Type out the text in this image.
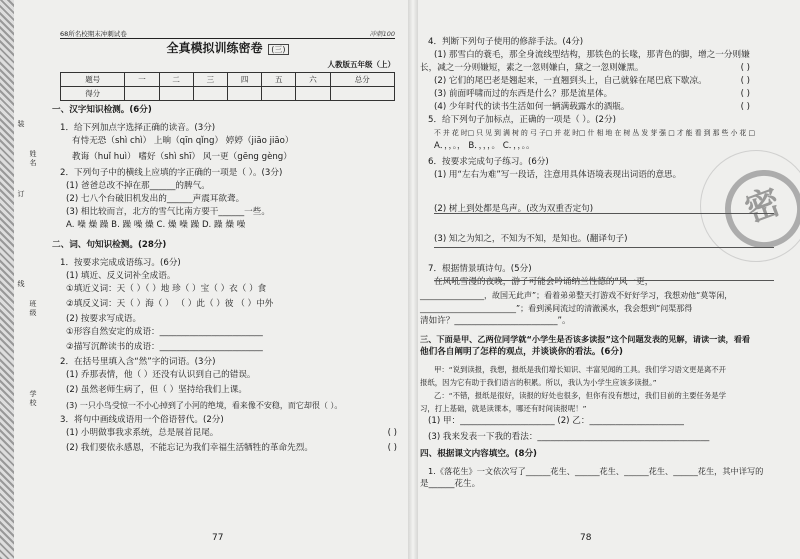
装
订
线
姓名
班级
学校
68所名校期末冲刺试卷	冲刺100
全真模拟训练密卷 (三)
人教版五年级（上）
题号	一	二	三	四	五	六	总分
得分							
一、汉字知识检测。(6分)
1．给下列加点字选择正确的读音。(3分)
有恃无恐（shì chì） 上晌（qīn qǐng） 婷婷（jiāo jiāo）
教诲（huǐ huì） 嗜好（shì shī） 风一更（gēng gèng）
2．下列句子中的横线上应填的字正确的一项是（ ）。(3分)
(1) 爸爸总改不掉在那______的脾气。
(2) 七八个台破旧机发出的______声震耳欲聋。
(3) 相比较而言，北方的雪气比南方要干______一些。
A. 噪 燥 躁 B. 躁 噪 燥 C. 燥 噪 躁 D. 躁 燥 噪
二、词、句知识检测。(28分)
1．按要求完成成语练习。(6分)
(1) 填近、反义词补全成语。
①填近义词：天（ ）（ ）地 珍（ ）宝（ ）衣（ ）食
②填反义词：天（ ）海（ ） （ ）此（ ）彼 （ ）中外
(2) 按要求写成语。
①形容自然安定的成语：________________________
②描写沉醉读书的成语：________________________
2．在括号里填入含“然”字的词语。(3分)
(1) 乔那表情，他（ ）还没有认识到自己的错误。
(2) 虽然老师生病了，但（ ）坚持给我们上课。
(3) 一只小鸟受惊一不小心掉到了小河的绝境，看来像不安稳，而它却很（ ）。
3．将句中画线成语用一个俗语替代。(2分)
(1) 小明做事我求系统，总是展首昆尾。	( )
(2) 我们要依永感恩，不能忘记为我们幸福生活牺牲的革命先烈。	( )
77
密
4．判断下列句子使用的修辞手法。(4分)
(1) 那雪白的蓑毛，那全身流线型结构，那铁色的长喙，那青色的脚，增之一分则嫌
长，减之一分则嫌短，素之一忽则嫌白，黛之一忽则嫌黑。	( )
(2) 它们的尾巴老是翘起来，一直翘到头上，自己就躲在尾巴底下歇凉。	( )
(3) 前面呼啸而过的东西是什么？那是流星体。	( )
(4) 少年时代的读书生活如何一辆满载露水的酒瓶。	( )
5．给下列句子加标点，正确的一项是（ ）。(2分)
不 并 花 时□ 只 见 到 满 树 的 弓 子□ 并 花 时□ 什 相 地 在 树 丛 发 芽 强 □ 才 能 看 到 那 些 小 花 □
A．，，。， B．，，，。 C．，，。。
6．按要求完成句子练习。(6分)
(1) 用“左右为难”写一段话，注意用具体语境表现出词语的意思。
(2) 树上到处都是鸟声。(改为双重否定句)
(3) 知之为知之，不知为不知，是知也。(翻译句子)
7．根据情景填诗句。(5分)
在风吼雪漫的夜晚，游子可能会吟诵纳兰性德的“风一更，
________________，故国无此声”；看着弟弟整天打游戏不好好学习，我想劝他“莫等闲，
________________________”；看到溪间流过的清澈溪水，我会想到“问渠那得
清如许？________________________”。
三、下面是甲、乙两位同学就“小学生是否该多读报”这个问题发表的见解，请读一读，看看
他们各自阐明了怎样的观点，并谈谈你的看法。(6分)
甲：“说到读报，我想，报纸是我们增长知识、丰富见闻的工具。我们学习语文更是离不开
报纸，因为它有助于我们语言的积累。所以，我认为小学生应该多读报。”
乙：“不错，报纸是很好，读报的好处也很多，但你有没有想过，我们目前的主要任务是学
习，打上基础，就是读课本，哪还有时间读报呢！”
(1) 甲：______________________ (2) 乙：______________________
(3) 我来发表一下我的看法：________________________________________
四、根据课文内容填空。(8分)
1.《落花生》一文依次写了______花生、______花生、______花生、______花生，其中详写的
是______花生。
78
